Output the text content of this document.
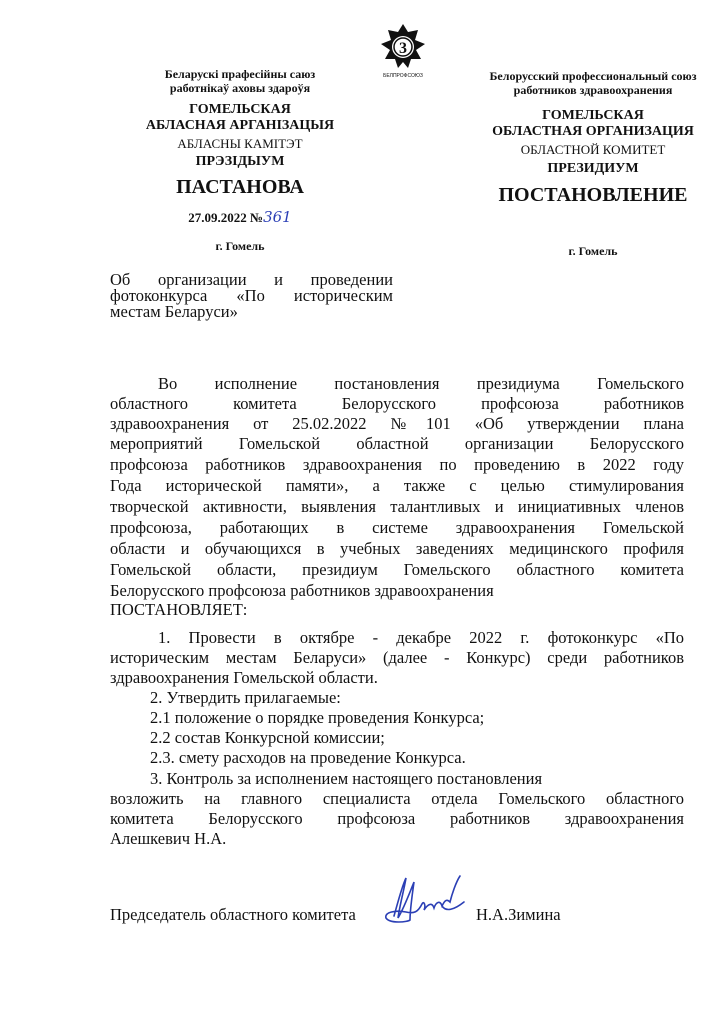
3
БЕЛПРОФСОЮЗ
Беларускі прафесійны саюз
работнікаў аховы здароўя
ГОМЕЛЬСКАЯ
АБЛАСНАЯ АРГАНІЗАЦЫЯ
АБЛАСНЫ КАМІТЭТ
ПРЭЗІДЫУМ
ПАСТАНОВА
27.09.2022 №361
г. Гомель
Белорусский профессиональный союз
работников здравоохранения
ГОМЕЛЬСКАЯ
ОБЛАСТНАЯ ОРГАНИЗАЦИЯ
ОБЛАСТНОЙ КОМИТЕТ
ПРЕЗИДИУМ
ПОСТАНОВЛЕНИЕ
г. Гомель
Об организации и проведении
фотоконкурса «По историческим
местам Беларуси»
Во исполнение постановления президиума Гомельского
областного комитета Белорусского профсоюза работников
здравоохранения от 25.02.2022 №101 «Об утверждении плана
мероприятий Гомельской областной организации Белорусского
профсоюза работников здравоохранения по проведению в 2022 году
Года исторической памяти», а также с целью стимулирования
творческой активности, выявления талантливых и инициативных членов
профсоюза, работающих в системе здравоохранения Гомельской
области и обучающихся в учебных заведениях медицинского профиля
Гомельской области, президиум Гомельского областного комитета
Белорусского профсоюза работников здравоохранения
ПОСТАНОВЛЯЕТ:
1. Провести в октябре - декабре 2022 г. фотоконкурс «По
историческим местам Беларуси» (далее - Конкурс) среди работников
здравоохранения Гомельской области.
2. Утвердить прилагаемые:
2.1 положение о порядке проведения Конкурса;
2.2 состав Конкурсной комиссии;
2.3. смету расходов на проведение Конкурса.
3. Контроль за исполнением настоящего постановления
возложить на главного специалиста отдела Гомельского областного
комитета Белорусского профсоюза работников здравоохранения
Алешкевич Н.А.
Председатель областного комитета	Н.А.Зимина
